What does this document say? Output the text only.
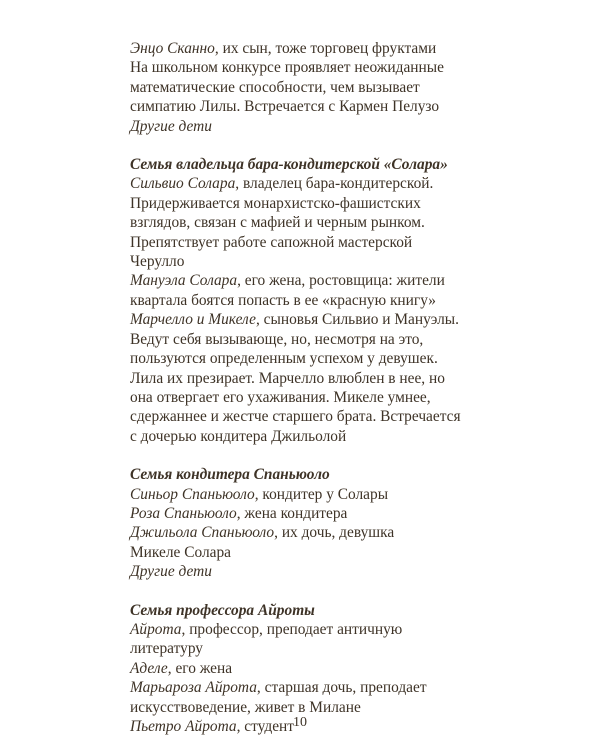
Энцо Сканно, их сын, тоже торговец фруктами
На школьном конкурсе проявляет неожиданные
математические способности, чем вызывает
симпатию Лилы. Встречается с Кармен Пелузо
Другие дети
Семья владельца бара-кондитерской «Солара»
Сильвио Солара, владелец бара-кондитерской.
Придерживается монархистско-фашистских
взглядов, связан с мафией и черным рынком.
Препятствует работе сапожной мастерской
Черулло
Мануэла Солара, его жена, ростовщица: жители
квартала боятся попасть в ее «красную книгу»
Марчелло и Микеле, сыновья Сильвио и Мануэлы.
Ведут себя вызывающе, но, несмотря на это,
пользуются определенным успехом у девушек.
Лила их презирает. Марчелло влюблен в нее, но
она отвергает его ухаживания. Микеле умнее,
сдержаннее и жестче старшего брата. Встречается
с дочерью кондитера Джильолой
Семья кондитера Спаньюоло
Синьор Спаньюоло, кондитер у Солары
Роза Спаньюоло, жена кондитера
Джильола Спаньюоло, их дочь, девушка
Микеле Солара
Другие дети
Семья профессора Айроты
Айрота, профессор, преподает античную
литературу
Аделе, его жена
Марьароза Айрота, старшая дочь, преподает
искусствоведение, живет в Милане
Пьетро Айрота, студент 10
